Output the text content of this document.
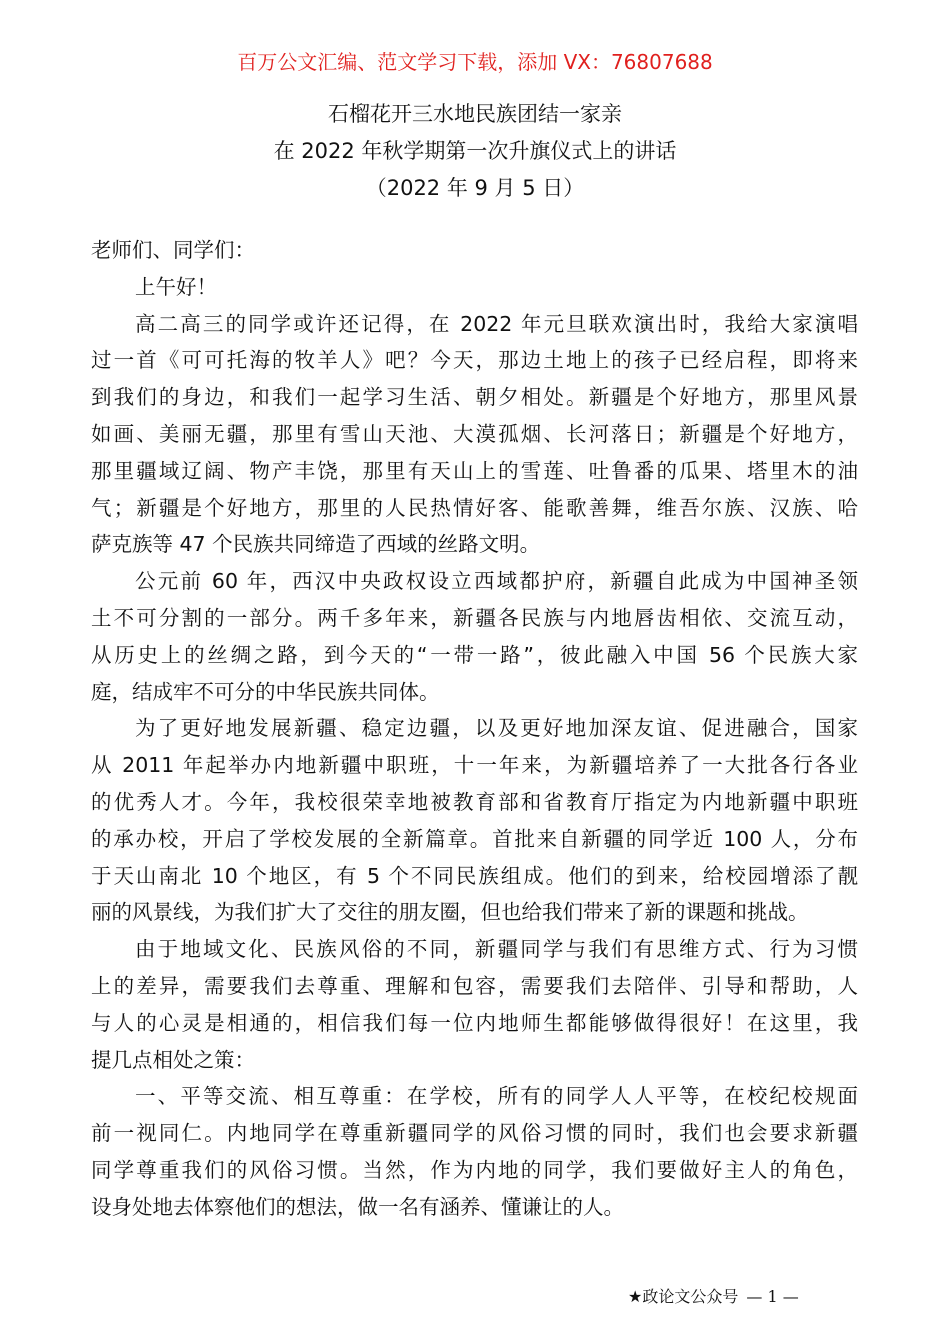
百万公文汇编、范文学习下载，添加 VX：76807688
石榴花开三水地民族团结一家亲
在 2022 年秋学期第一次升旗仪式上的讲话
（2022 年 9 月 5 日）
老师们、同学们：
上午好！
高二高三的同学或许还记得，在 2022 年元旦联欢演出时，我给大家演唱
过一首《可可托海的牧羊人》吧？今天，那边土地上的孩子已经启程，即将来
到我们的身边，和我们一起学习生活、朝夕相处。新疆是个好地方，那里风景
如画、美丽无疆，那里有雪山天池、大漠孤烟、长河落日；新疆是个好地方，
那里疆域辽阔、物产丰饶，那里有天山上的雪莲、吐鲁番的瓜果、塔里木的油
气；新疆是个好地方，那里的人民热情好客、能歌善舞，维吾尔族、汉族、哈
萨克族等 47 个民族共同缔造了西域的丝路文明。
公元前 60 年，西汉中央政权设立西域都护府，新疆自此成为中国神圣领
土不可分割的一部分。两千多年来，新疆各民族与内地唇齿相依、交流互动，
从历史上的丝绸之路，到今天的“一带一路”，彼此融入中国 56 个民族大家
庭，结成牢不可分的中华民族共同体。
为了更好地发展新疆、稳定边疆，以及更好地加深友谊、促进融合，国家
从 2011 年起举办内地新疆中职班，十一年来，为新疆培养了一大批各行各业
的优秀人才。今年，我校很荣幸地被教育部和省教育厅指定为内地新疆中职班
的承办校，开启了学校发展的全新篇章。首批来自新疆的同学近 100 人，分布
于天山南北 10 个地区，有 5 个不同民族组成。他们的到来，给校园增添了靓
丽的风景线，为我们扩大了交往的朋友圈，但也给我们带来了新的课题和挑战。
由于地域文化、民族风俗的不同，新疆同学与我们有思维方式、行为习惯
上的差异，需要我们去尊重、理解和包容，需要我们去陪伴、引导和帮助，人
与人的心灵是相通的，相信我们每一位内地师生都能够做得很好！在这里，我
提几点相处之策：
一、平等交流、相互尊重：在学校，所有的同学人人平等，在校纪校规面
前一视同仁。内地同学在尊重新疆同学的风俗习惯的同时，我们也会要求新疆
同学尊重我们的风俗习惯。当然，作为内地的同学，我们要做好主人的角色，
设身处地去体察他们的想法，做一名有涵养、懂谦让的人。
★政论文公众号 — 1 —
